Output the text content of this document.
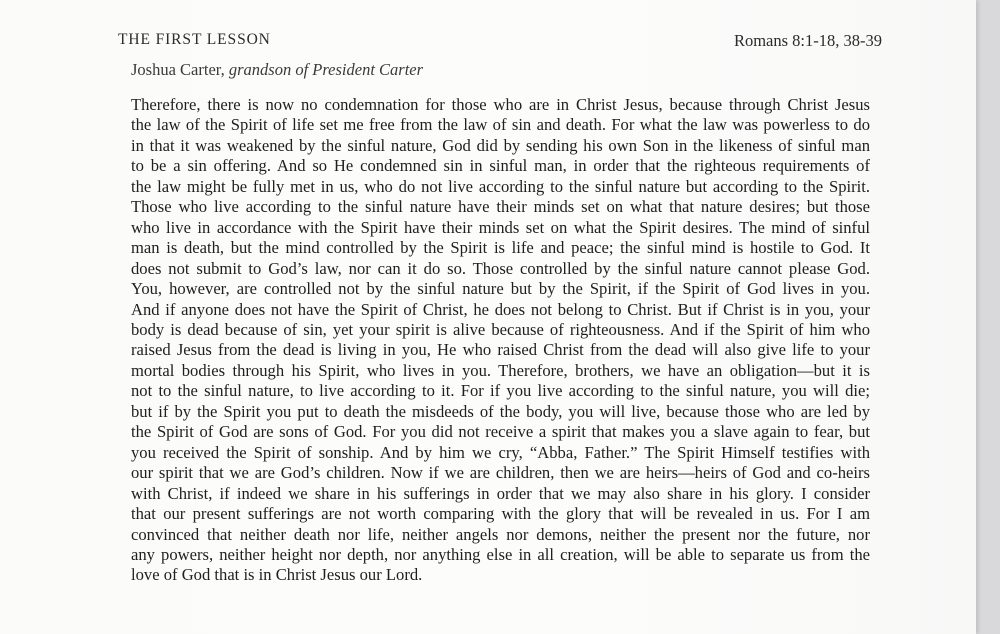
THE FIRST LESSON	Romans 8:1-18, 38-39
Joshua Carter, grandson of President Carter
Therefore, there is now no condemnation for those who are in Christ Jesus, because through Christ Jesus
the law of the Spirit of life set me free from the law of sin and death. For what the law was powerless to do
in that it was weakened by the sinful nature, God did by sending his own Son in the likeness of sinful man
to be a sin offering. And so He condemned sin in sinful man, in order that the righteous requirements of
the law might be fully met in us, who do not live according to the sinful nature but according to the Spirit.
Those who live according to the sinful nature have their minds set on what that nature desires; but those
who live in accordance with the Spirit have their minds set on what the Spirit desires. The mind of sinful
man is death, but the mind controlled by the Spirit is life and peace; the sinful mind is hostile to God. It
does not submit to God’s law, nor can it do so. Those controlled by the sinful nature cannot please God.
You, however, are controlled not by the sinful nature but by the Spirit, if the Spirit of God lives in you.
And if anyone does not have the Spirit of Christ, he does not belong to Christ. But if Christ is in you, your
body is dead because of sin, yet your spirit is alive because of righteousness. And if the Spirit of him who
raised Jesus from the dead is living in you, He who raised Christ from the dead will also give life to your
mortal bodies through his Spirit, who lives in you. Therefore, brothers, we have an obligation—but it is
not to the sinful nature, to live according to it. For if you live according to the sinful nature, you will die;
but if by the Spirit you put to death the misdeeds of the body, you will live, because those who are led by
the Spirit of God are sons of God. For you did not receive a spirit that makes you a slave again to fear, but
you received the Spirit of sonship. And by him we cry, “Abba, Father.” The Spirit Himself testifies with
our spirit that we are God’s children. Now if we are children, then we are heirs—heirs of God and co-heirs
with Christ, if indeed we share in his sufferings in order that we may also share in his glory. I consider
that our present sufferings are not worth comparing with the glory that will be revealed in us. For I am
convinced that neither death nor life, neither angels nor demons, neither the present nor the future, nor
any powers, neither height nor depth, nor anything else in all creation, will be able to separate us from the
love of God that is in Christ Jesus our Lord.
